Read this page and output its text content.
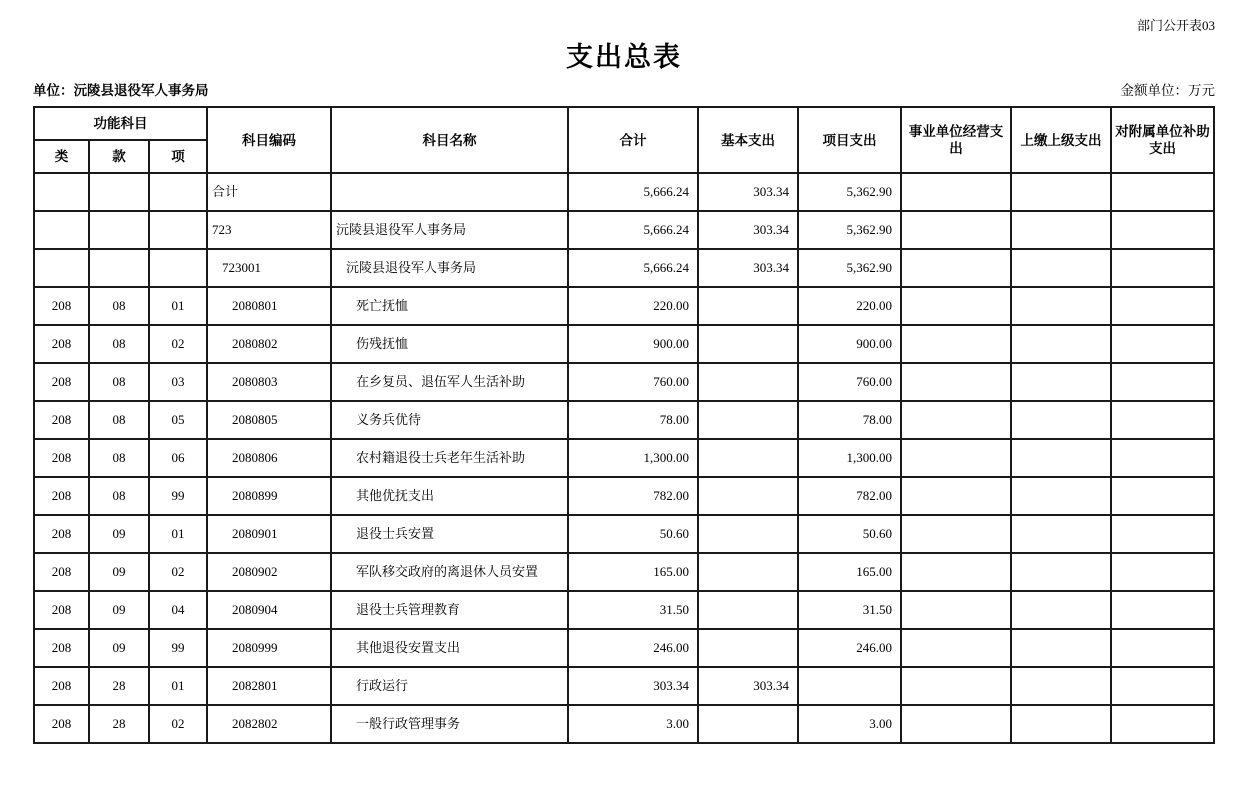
部门公开表03
支出总表
单位：沅陵县退役军人事务局	金额单位：万元
功能科目			科目编码	科目名称	合计	基本支出	项目支出	事业单位经营支出	上缴上级支出	对附属单位补助支出
类	款	项								
			合计		5,666.24	303.34	5,362.90			
			723	沅陵县退役军人事务局	5,666.24	303.34	5,362.90			
			723001	沅陵县退役军人事务局	5,666.24	303.34	5,362.90			
208	08	01	2080801	死亡抚恤	220.00		220.00			
208	08	02	2080802	伤残抚恤	900.00		900.00			
208	08	03	2080803	在乡复员、退伍军人生活补助	760.00		760.00			
208	08	05	2080805	义务兵优待	78.00		78.00			
208	08	06	2080806	农村籍退役士兵老年生活补助	1,300.00		1,300.00			
208	08	99	2080899	其他优抚支出	782.00		782.00			
208	09	01	2080901	退役士兵安置	50.60		50.60			
208	09	02	2080902	军队移交政府的离退休人员安置	165.00		165.00			
208	09	04	2080904	退役士兵管理教育	31.50		31.50			
208	09	99	2080999	其他退役安置支出	246.00		246.00			
208	28	01	2082801	行政运行	303.34	303.34				
208	28	02	2082802	一般行政管理事务	3.00		3.00			
